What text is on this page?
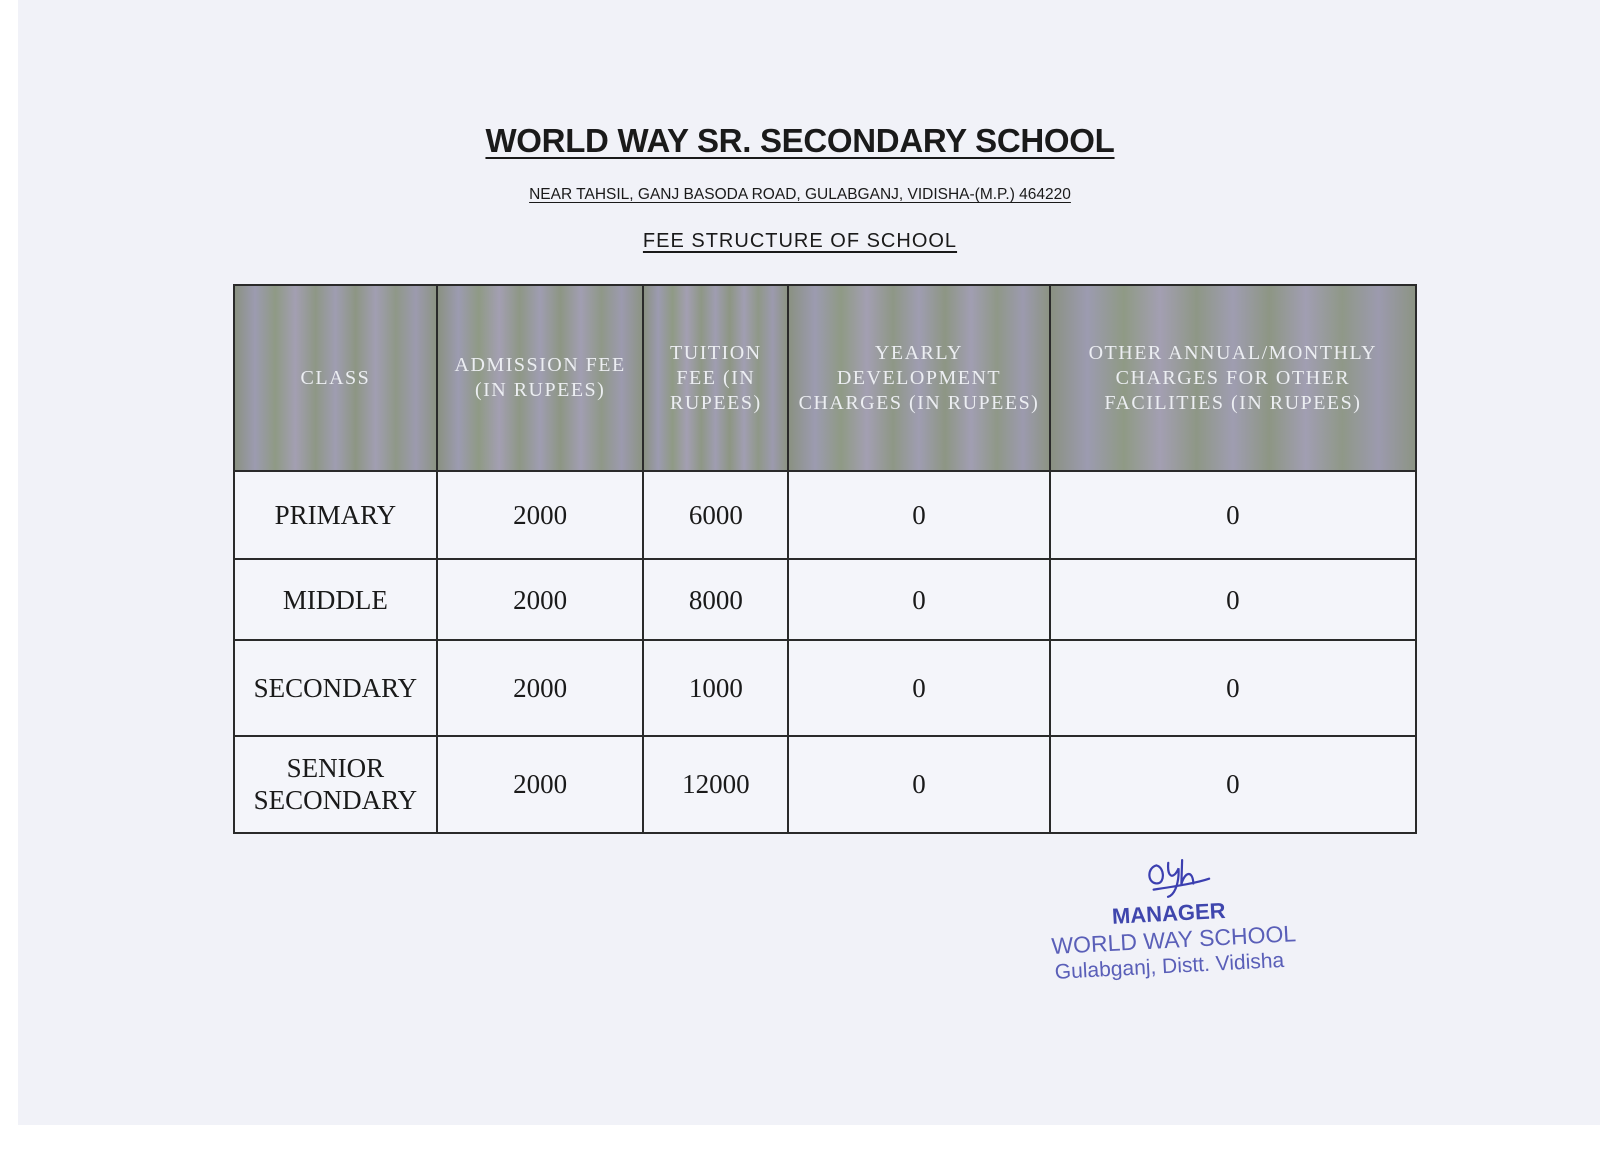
WORLD WAY SR. SECONDARY SCHOOL
NEAR TAHSIL, GANJ BASODA ROAD, GULABGANJ, VIDISHA-(M.P.) 464220
FEE STRUCTURE OF SCHOOL
CLASS	ADMISSION FEE (IN RUPEES)	TUITION FEE (IN RUPEES)	YEARLY DEVELOPMENT CHARGES (IN RUPEES)	OTHER ANNUAL/MONTHLY CHARGES FOR OTHER FACILITIES (IN RUPEES)
PRIMARY	2000	6000	0	0
MIDDLE	2000	8000	0	0
SECONDARY	2000	1000	0	0
SENIOR SECONDARY	2000	12000	0	0
MANAGER
WORLD WAY SCHOOL
Gulabganj, Distt. Vidisha
